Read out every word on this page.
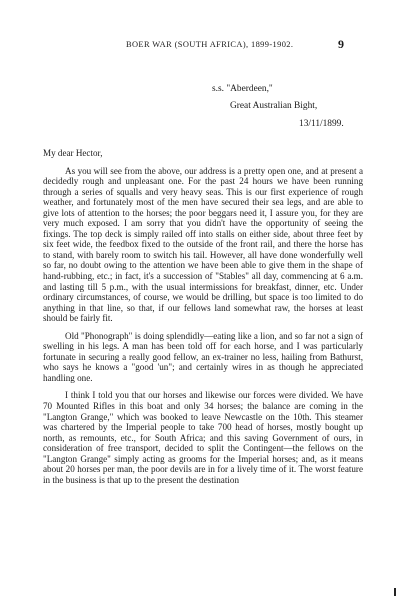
BOER WAR (SOUTH AFRICA), 1899-1902.	9
s.s. "Aberdeen,"
Great Australian Bight,
13/11/1899.

My dear Hector,

As you will see from the above, our address is a pretty open one, and at present a decidedly rough and unpleasant one. For the past 24 hours we have been running through a series of squalls and very heavy seas. This is our first experience of rough weather, and fortunately most of the men have secured their sea legs, and are able to give lots of attention to the horses; the poor beggars need it, I assure you, for they are very much exposed. I am sorry that you didn't have the opportunity of seeing the fixings. The top deck is simply railed off into stalls on either side, about three feet by six feet wide, the feedbox fixed to the outside of the front rail, and there the horse has to stand, with barely room to switch his tail. However, all have done wonderfully well so far, no doubt owing to the attention we have been able to give them in the shape of hand-rubbing, etc.; in fact, it's a succession of "Stables" all day, commencing at 6 a.m. and lasting till 5 p.m., with the usual intermissions for breakfast, dinner, etc. Under ordinary circumstances, of course, we would be drilling, but space is too limited to do anything in that line, so that, if our fellows land somewhat raw, the horses at least should be fairly fit.

Old "Phonograph" is doing splendidly—eating like a lion, and so far not a sign of swelling in his legs. A man has been told off for each horse, and I was particularly fortunate in securing a really good fellow, an ex-trainer no less, hailing from Bathurst, who says he knows a "good 'un"; and certainly wires in as though he appreciated handling one.

I think I told you that our horses and likewise our forces were divided. We have 70 Mounted Rifles in this boat and only 34 horses; the balance are coming in the "Langton Grange," which was booked to leave Newcastle on the 10th. This steamer was chartered by the Imperial people to take 700 head of horses, mostly bought up north, as remounts, etc., for South Africa; and this saving Government of ours, in consideration of free transport, decided to split the Contingent—the fellows on the "Langton Grange" simply acting as grooms for the Imperial horses; and, as it means about 20 horses per man, the poor devils are in for a lively time of it. The worst feature in the business is that up to the present the destination
